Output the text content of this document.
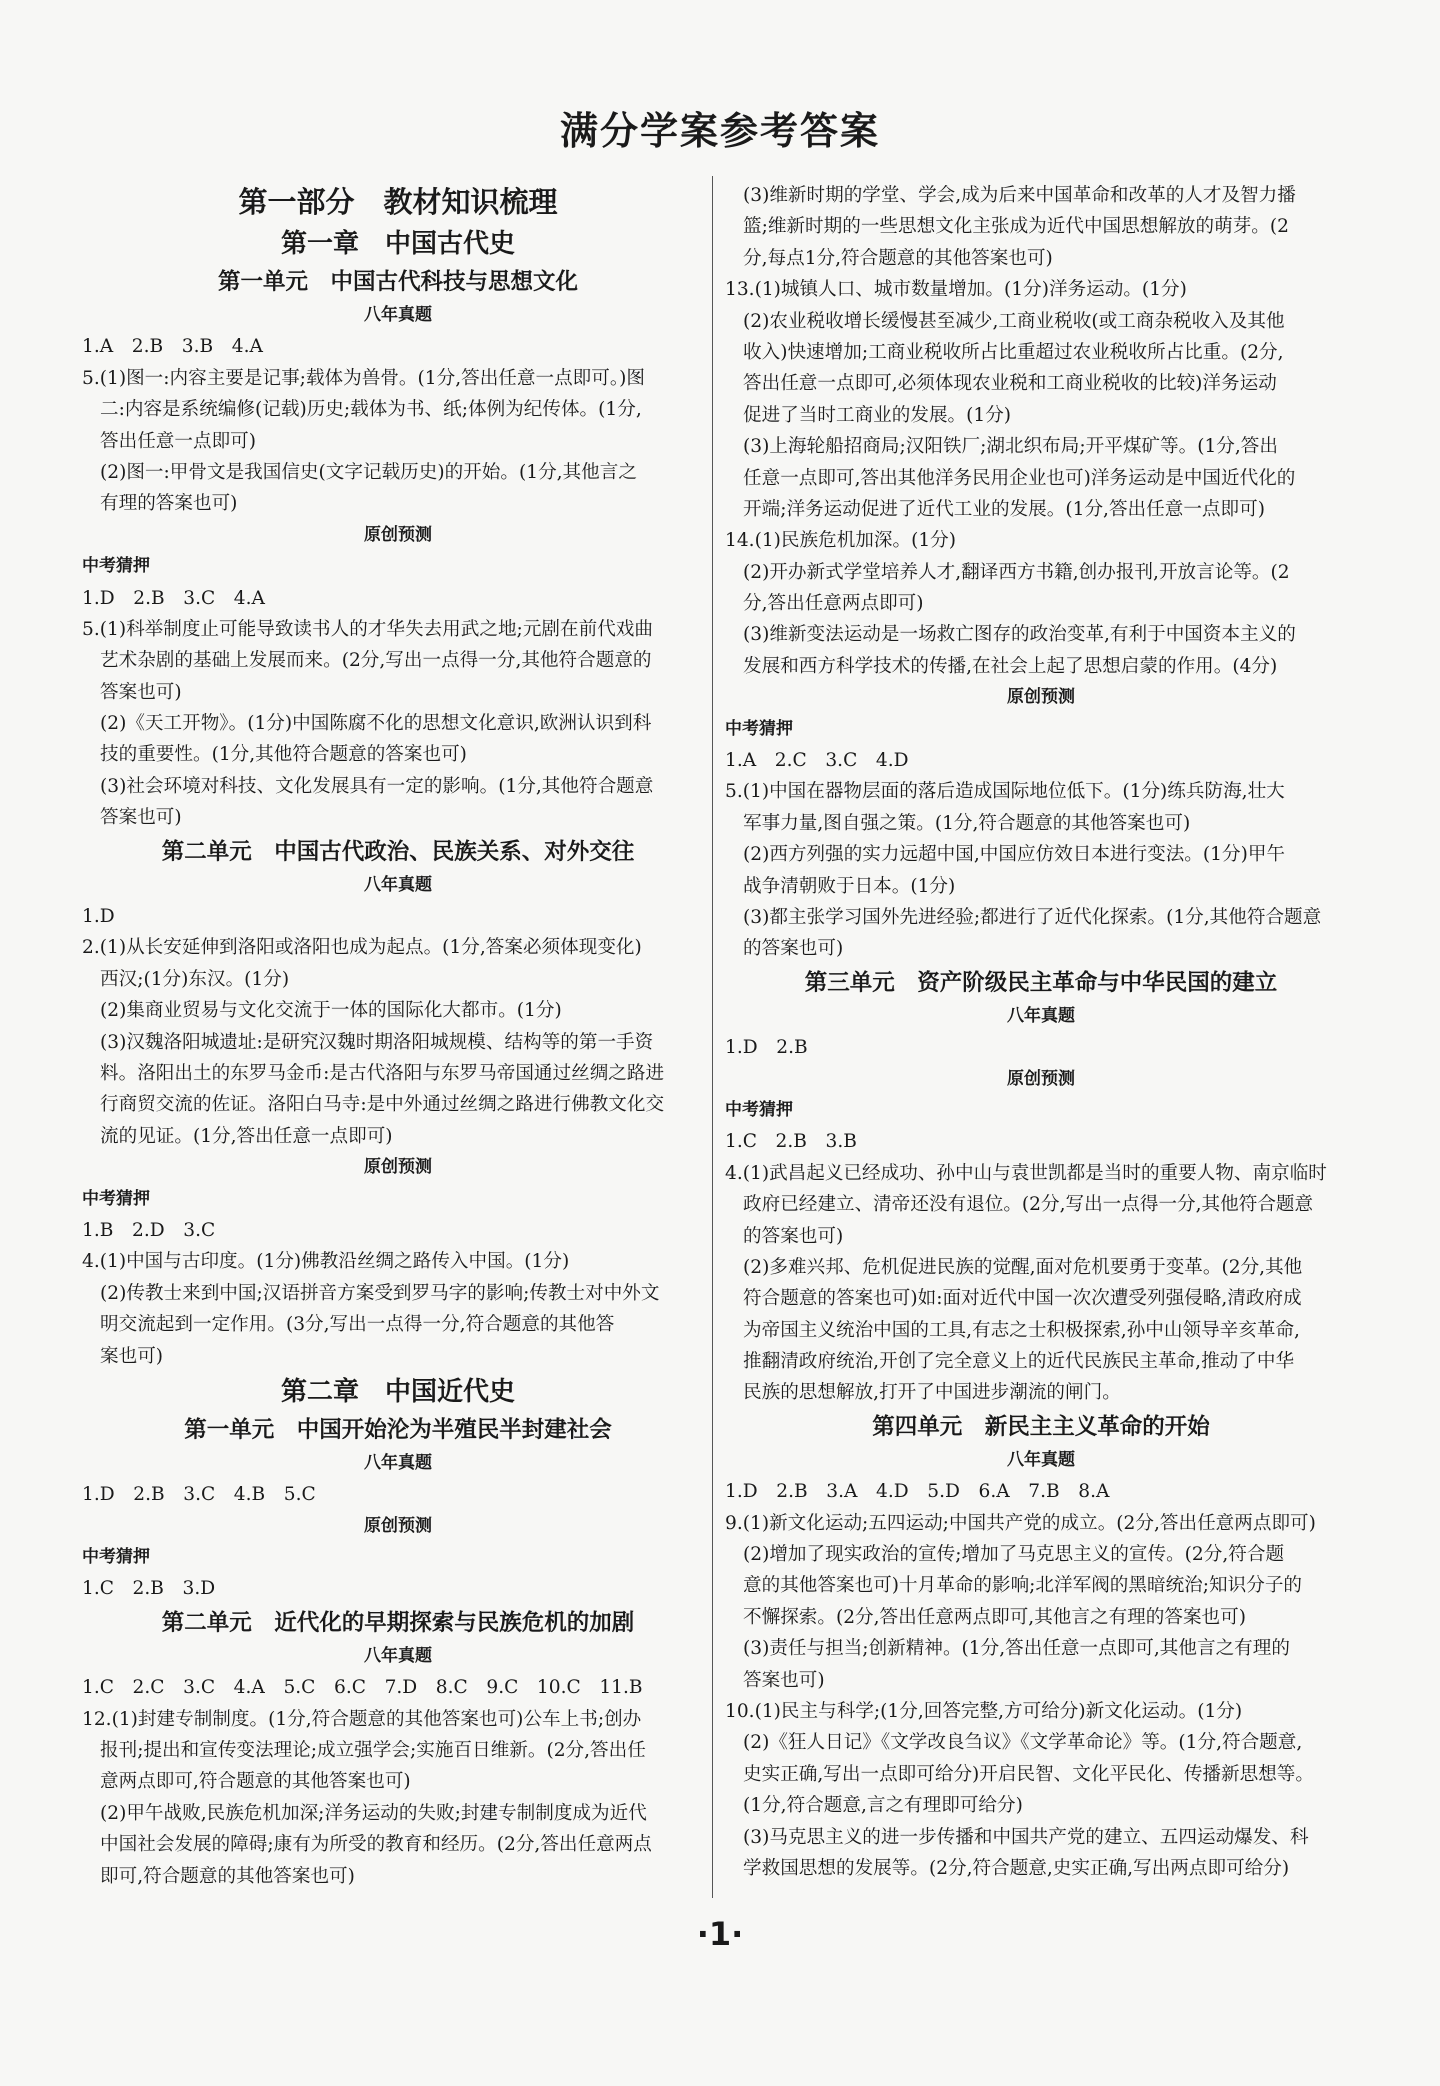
满分学案参考答案
第一部分　教材知识梳理
第一章　中国古代史
第一单元　中国古代科技与思想文化
八年真题
1.A　2.B　3.B　4.A
5.(1)图一:内容主要是记事;载体为兽骨。(1分,答出任意一点即可。)图
二:内容是系统编修(记载)历史;载体为书、纸;体例为纪传体。(1分,
答出任意一点即可)
(2)图一:甲骨文是我国信史(文字记载历史)的开始。(1分,其他言之
有理的答案也可)
原创预测
中考猜押
1.D　2.B　3.C　4.A
5.(1)科举制度止可能导致读书人的才华失去用武之地;元剧在前代戏曲
艺术杂剧的基础上发展而来。(2分,写出一点得一分,其他符合题意的
答案也可)
(2)《天工开物》。(1分)中国陈腐不化的思想文化意识,欧洲认识到科
技的重要性。(1分,其他符合题意的答案也可)
(3)社会环境对科技、文化发展具有一定的影响。(1分,其他符合题意
答案也可)
第二单元　中国古代政治、民族关系、对外交往
八年真题
1.D
2.(1)从长安延伸到洛阳或洛阳也成为起点。(1分,答案必须体现变化)
西汉;(1分)东汉。(1分)
(2)集商业贸易与文化交流于一体的国际化大都市。(1分)
(3)汉魏洛阳城遗址:是研究汉魏时期洛阳城规模、结构等的第一手资
料。洛阳出土的东罗马金币:是古代洛阳与东罗马帝国通过丝绸之路进
行商贸交流的佐证。洛阳白马寺:是中外通过丝绸之路进行佛教文化交
流的见证。(1分,答出任意一点即可)
原创预测
中考猜押
1.B　2.D　3.C
4.(1)中国与古印度。(1分)佛教沿丝绸之路传入中国。(1分)
(2)传教士来到中国;汉语拼音方案受到罗马字的影响;传教士对中外文
明交流起到一定作用。(3分,写出一点得一分,符合题意的其他答
案也可)
第二章　中国近代史
第一单元　中国开始沦为半殖民半封建社会
八年真题
1.D　2.B　3.C　4.B　5.C
原创预测
中考猜押
1.C　2.B　3.D
第二单元　近代化的早期探索与民族危机的加剧
八年真题
1.C　2.C　3.C　4.A　5.C　6.C　7.D　8.C　9.C　10.C　11.B
12.(1)封建专制制度。(1分,符合题意的其他答案也可)公车上书;创办
报刊;提出和宣传变法理论;成立强学会;实施百日维新。(2分,答出任
意两点即可,符合题意的其他答案也可)
(2)甲午战败,民族危机加深;洋务运动的失败;封建专制制度成为近代
中国社会发展的障碍;康有为所受的教育和经历。(2分,答出任意两点
即可,符合题意的其他答案也可)
(3)维新时期的学堂、学会,成为后来中国革命和改革的人才及智力播
篮;维新时期的一些思想文化主张成为近代中国思想解放的萌芽。(2
分,每点1分,符合题意的其他答案也可)
13.(1)城镇人口、城市数量增加。(1分)洋务运动。(1分)
(2)农业税收增长缓慢甚至减少,工商业税收(或工商杂税收入及其他
收入)快速增加;工商业税收所占比重超过农业税收所占比重。(2分,
答出任意一点即可,必须体现农业税和工商业税收的比较)洋务运动
促进了当时工商业的发展。(1分)
(3)上海轮船招商局;汉阳铁厂;湖北织布局;开平煤矿等。(1分,答出
任意一点即可,答出其他洋务民用企业也可)洋务运动是中国近代化的
开端;洋务运动促进了近代工业的发展。(1分,答出任意一点即可)
14.(1)民族危机加深。(1分)
(2)开办新式学堂培养人才,翻译西方书籍,创办报刊,开放言论等。(2
分,答出任意两点即可)
(3)维新变法运动是一场救亡图存的政治变革,有利于中国资本主义的
发展和西方科学技术的传播,在社会上起了思想启蒙的作用。(4分)
原创预测
中考猜押
1.A　2.C　3.C　4.D
5.(1)中国在器物层面的落后造成国际地位低下。(1分)练兵防海,壮大
军事力量,图自强之策。(1分,符合题意的其他答案也可)
(2)西方列强的实力远超中国,中国应仿效日本进行变法。(1分)甲午
战争清朝败于日本。(1分)
(3)都主张学习国外先进经验;都进行了近代化探索。(1分,其他符合题意
的答案也可)
第三单元　资产阶级民主革命与中华民国的建立
八年真题
1.D　2.B
原创预测
中考猜押
1.C　2.B　3.B
4.(1)武昌起义已经成功、孙中山与袁世凯都是当时的重要人物、南京临时
政府已经建立、清帝还没有退位。(2分,写出一点得一分,其他符合题意
的答案也可)
(2)多难兴邦、危机促进民族的觉醒,面对危机要勇于变革。(2分,其他
符合题意的答案也可)如:面对近代中国一次次遭受列强侵略,清政府成
为帝国主义统治中国的工具,有志之士积极探索,孙中山领导辛亥革命,
推翻清政府统治,开创了完全意义上的近代民族民主革命,推动了中华
民族的思想解放,打开了中国进步潮流的闸门。
第四单元　新民主主义革命的开始
八年真题
1.D　2.B　3.A　4.D　5.D　6.A　7.B　8.A
9.(1)新文化运动;五四运动;中国共产党的成立。(2分,答出任意两点即可)
(2)增加了现实政治的宣传;增加了马克思主义的宣传。(2分,符合题
意的其他答案也可)十月革命的影响;北洋军阀的黑暗统治;知识分子的
不懈探索。(2分,答出任意两点即可,其他言之有理的答案也可)
(3)责任与担当;创新精神。(1分,答出任意一点即可,其他言之有理的
答案也可)
10.(1)民主与科学;(1分,回答完整,方可给分)新文化运动。(1分)
(2)《狂人日记》《文学改良刍议》《文学革命论》等。(1分,符合题意,
史实正确,写出一点即可给分)开启民智、文化平民化、传播新思想等。
(1分,符合题意,言之有理即可给分)
(3)马克思主义的进一步传播和中国共产党的建立、五四运动爆发、科
学救国思想的发展等。(2分,符合题意,史实正确,写出两点即可给分)
·1·
